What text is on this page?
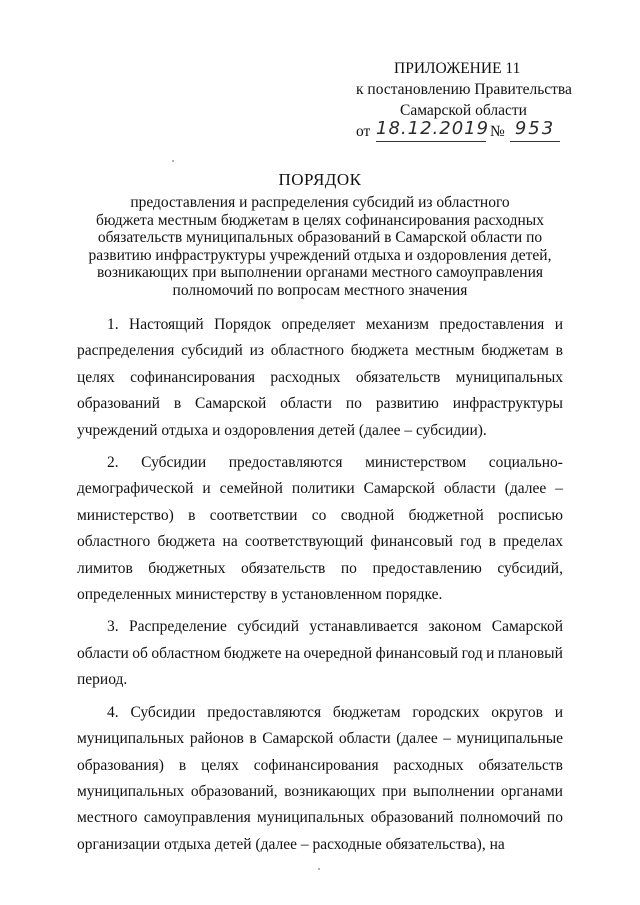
ПРИЛОЖЕНИЕ 11
к постановлению Правительства
Самарской области
от 18.12.2019 № 953
ПОРЯДОК
предоставления и распределения субсидий из областного
бюджета местным бюджетам в целях софинансирования расходных
обязательств муниципальных образований в Самарской области по
развитию инфраструктуры учреждений отдыха и оздоровления детей,
возникающих при выполнении органами местного самоуправления
полномочий по вопросам местного значения
1. Настоящий Порядок определяет механизм предоставления и
распределения субсидий из областного бюджета местным бюджетам в
целях софинансирования расходных обязательств муниципальных
образований в Самарской области по развитию инфраструктуры
учреждений отдыха и оздоровления детей (далее – субсидии).
2. Субсидии предоставляются министерством социально-
демографической и семейной политики Самарской области (далее –
министерство) в соответствии со сводной бюджетной росписью
областного бюджета на соответствующий финансовый год в пределах
лимитов бюджетных обязательств по предоставлению субсидий,
определенных министерству в установленном порядке.
3. Распределение субсидий устанавливается законом Самарской
области об областном бюджете на очередной финансовый год и плановый
период.
4. Субсидии предоставляются бюджетам городских округов и
муниципальных районов в Самарской области (далее – муниципальные
образования) в целях софинансирования расходных обязательств
муниципальных образований, возникающих при выполнении органами
местного самоуправления муниципальных образований полномочий по
организации отдыха детей (далее – расходные обязательства), на
